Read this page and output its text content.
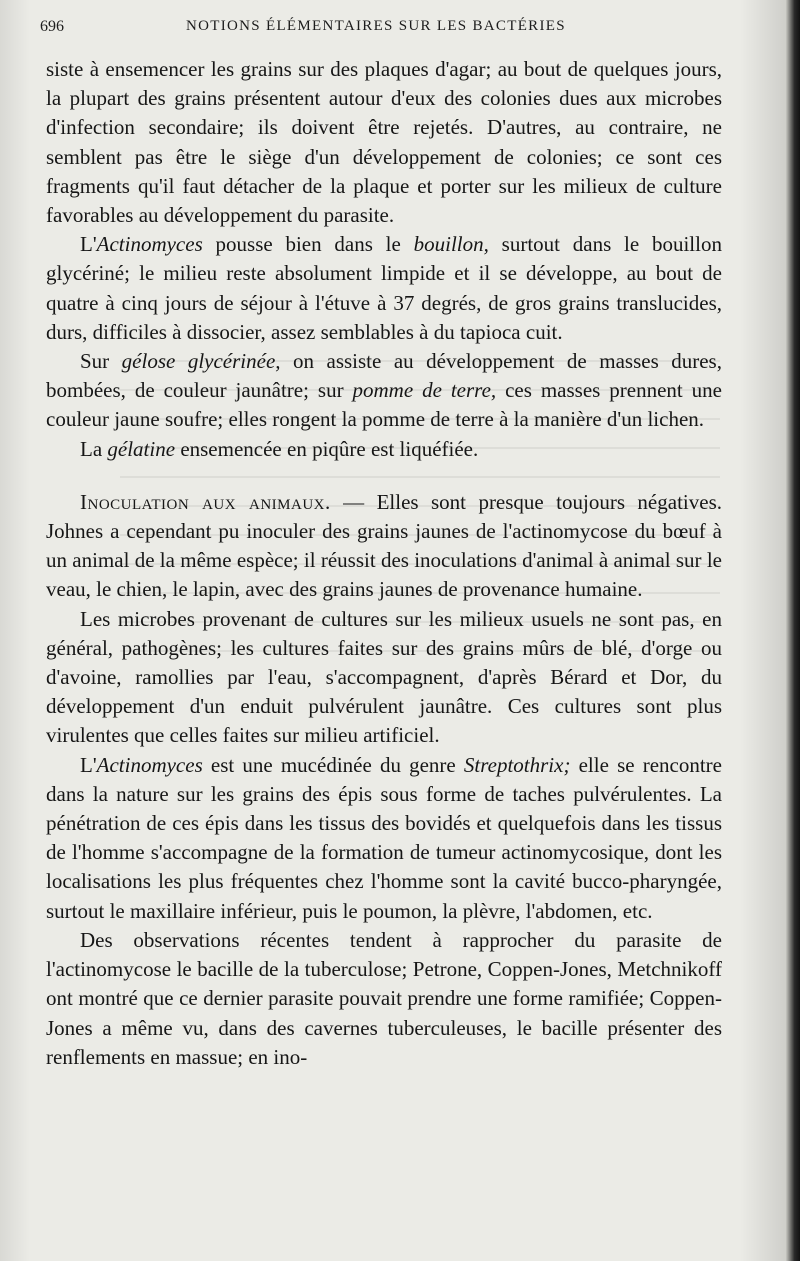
696	NOTIONS ÉLÉMENTAIRES SUR LES BACTÉRIES

siste à ensemencer les grains sur des plaques d'agar; au bout de quelques jours, la plupart des grains présentent autour d'eux des colonies dues aux microbes d'infection secondaire; ils doivent être rejetés. D'autres, au contraire, ne semblent pas être le siège d'un développement de colonies; ce sont ces fragments qu'il faut détacher de la plaque et porter sur les milieux de culture favorables au développement du parasite.

L'Actinomyces pousse bien dans le bouillon, surtout dans le bouillon glycériné; le milieu reste absolument limpide et il se développe, au bout de quatre à cinq jours de séjour à l'étuve à 37 degrés, de gros grains translucides, durs, difficiles à dissocier, assez semblables à du tapioca cuit.

Sur gélose glycérinée, on assiste au développement de masses dures, bombées, de couleur jaunâtre; sur pomme de terre, ces masses prennent une couleur jaune soufre; elles rongent la pomme de terre à la manière d'un lichen.

La gélatine ensemencée en piqûre est liquéfiée.

Inoculation aux animaux. — Elles sont presque toujours négatives. Johnes a cependant pu inoculer des grains jaunes de l'actinomycose du bœuf à un animal de la même espèce; il réussit des inoculations d'animal à animal sur le veau, le chien, le lapin, avec des grains jaunes de provenance humaine.

Les microbes provenant de cultures sur les milieux usuels ne sont pas, en général, pathogènes; les cultures faites sur des grains mûrs de blé, d'orge ou d'avoine, ramollies par l'eau, s'accompagnent, d'après Bérard et Dor, du développement d'un enduit pulvérulent jaunâtre. Ces cultures sont plus virulentes que celles faites sur milieu artificiel.

L'Actinomyces est une mucédinée du genre Streptothrix; elle se rencontre dans la nature sur les grains des épis sous forme de taches pulvérulentes. La pénétration de ces épis dans les tissus des bovidés et quelquefois dans les tissus de l'homme s'accompagne de la formation de tumeur actinomycosique, dont les localisations les plus fréquentes chez l'homme sont la cavité bucco-pharyngée, surtout le maxillaire inférieur, puis le poumon, la plèvre, l'abdomen, etc.

Des observations récentes tendent à rapprocher du parasite de l'actinomycose le bacille de la tuberculose; Petrone, Coppen-Jones, Metchnikoff ont montré que ce dernier parasite pouvait prendre une forme ramifiée; Coppen-Jones a même vu, dans des cavernes tuberculeuses, le bacille présenter des renflements en massue; en ino-
